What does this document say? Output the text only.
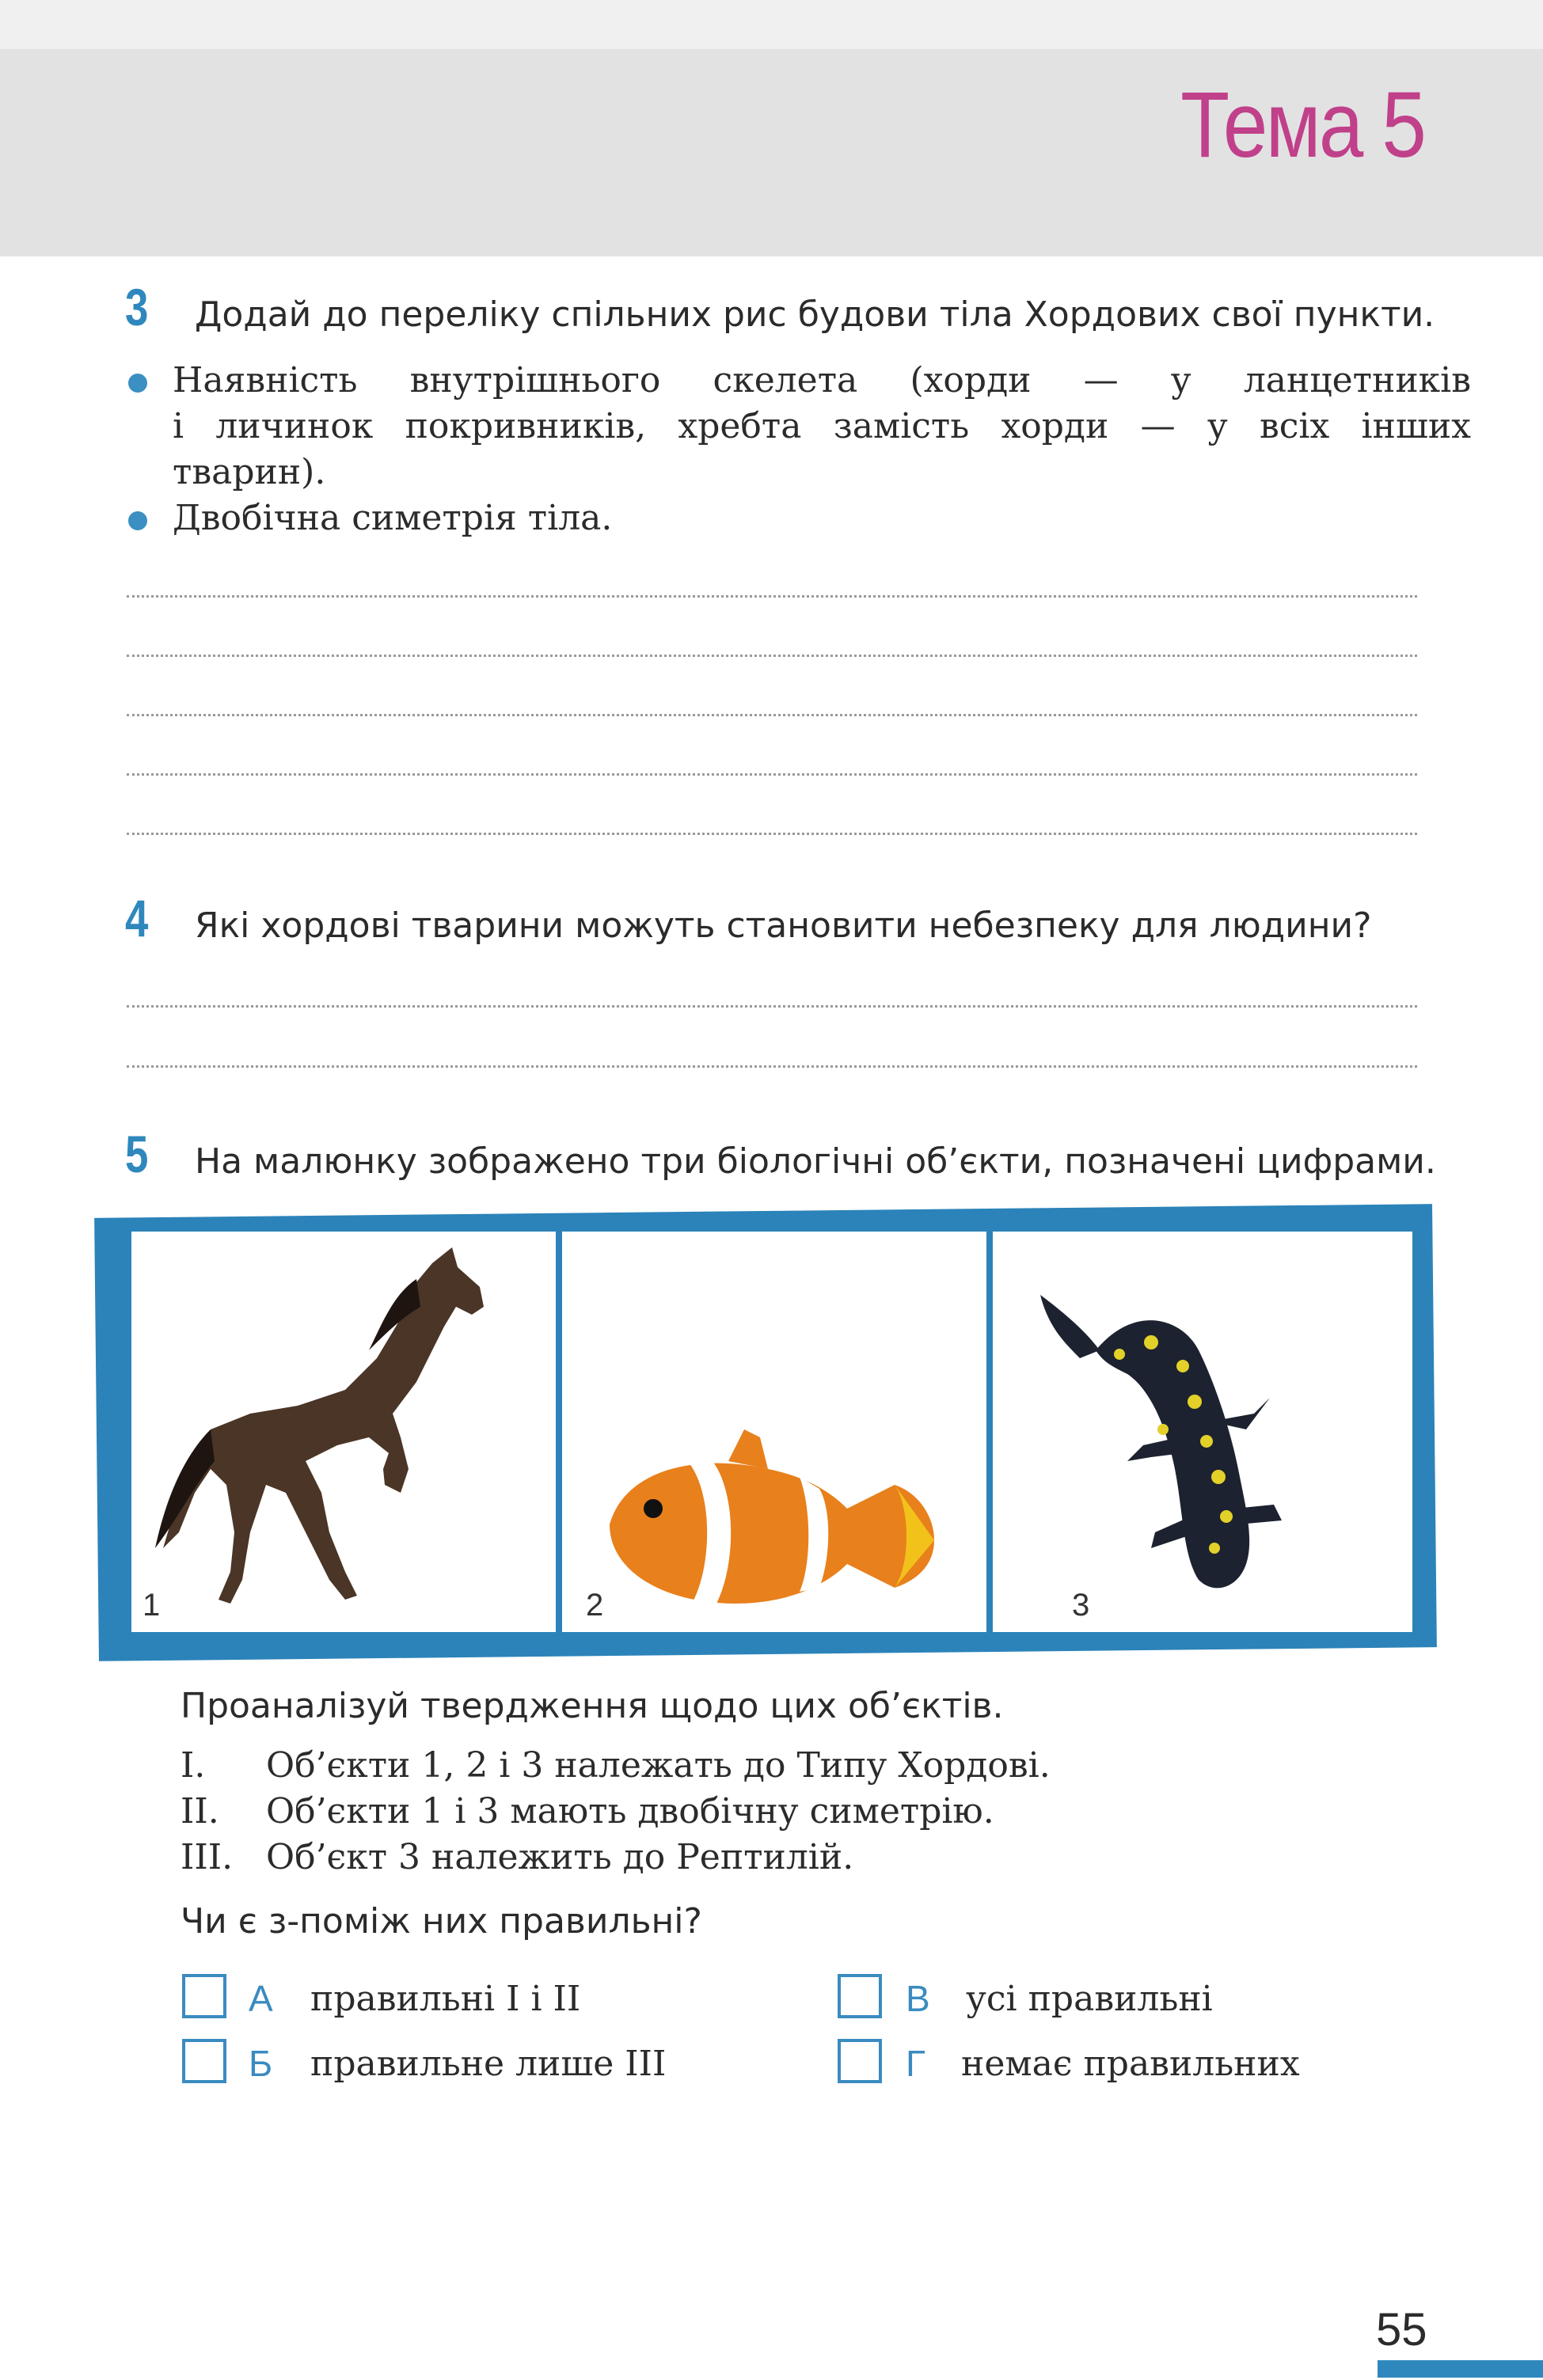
Тема 5
3 Додай до переліку спільних рис будови тіла Хордових свої пункти.
Наявність внутрішнього скелета (хорди — у ланцетників
і личинок покривників, хребта замість хорди — у всіх інших
тварин).
Двобічна симетрія тіла.
4 Які хордові тварини можуть становити небезпеку для людини?
5 На малюнку зображено три біологічні об’єкти, позначені цифрами.
1	2	3
Проаналізуй твердження щодо цих об’єктів.
I. Об’єкти 1, 2 і 3 належать до Типу Хордові.
II. Об’єкти 1 і 3 мають двобічну симетрію.
III. Об’єкт 3 належить до Рептилій.
Чи є з-поміж них правильні?
А правильні І і ІІ
Б правильне лише ІІІ
В усі правильні
Г немає правильних
55
